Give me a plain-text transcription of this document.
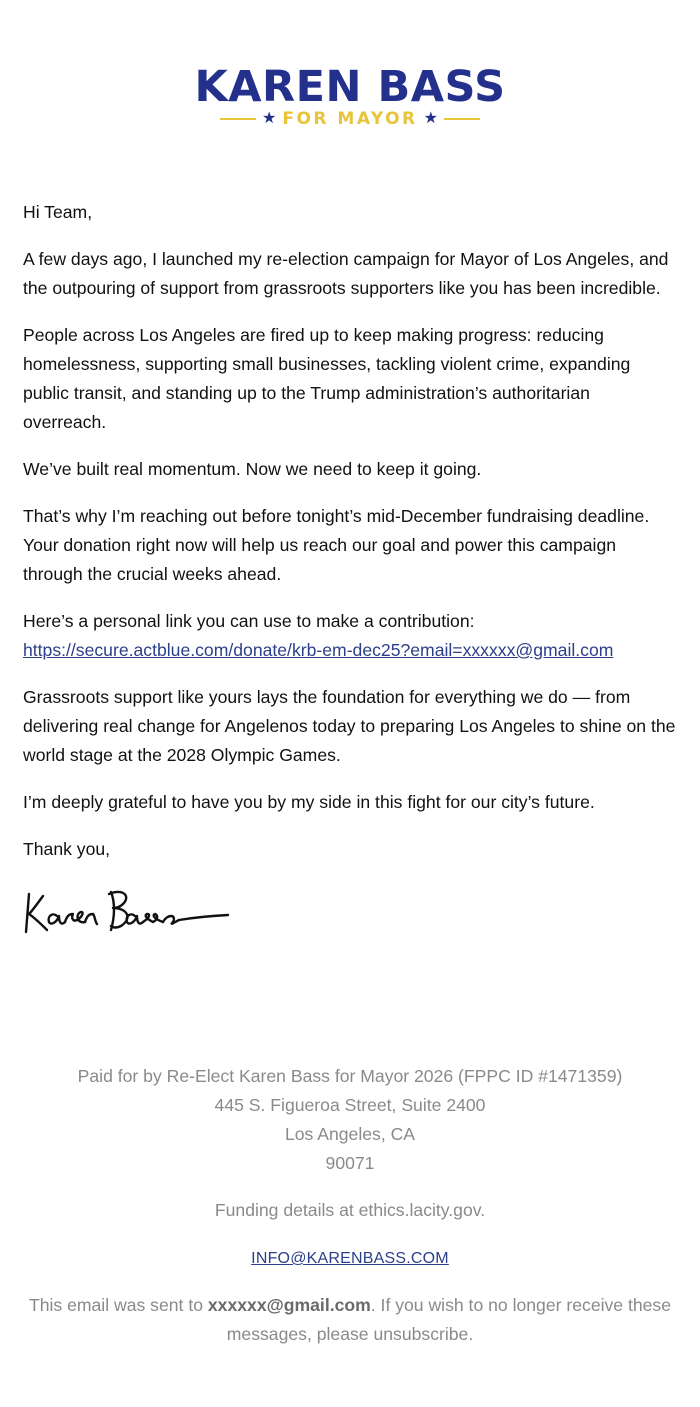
KAREN BASS
★ FOR MAYOR ★

Hi Team,

A few days ago, I launched my re-election campaign for Mayor of Los Angeles, and the outpouring of support from grassroots supporters like you has been incredible.

People across Los Angeles are fired up to keep making progress: reducing homelessness, supporting small businesses, tackling violent crime, expanding public transit, and standing up to the Trump administration’s authoritarian overreach.

We’ve built real momentum. Now we need to keep it going.

That’s why I’m reaching out before tonight’s mid-December fundraising deadline. Your donation right now will help us reach our goal and power this campaign through the crucial weeks ahead.

Here’s a personal link you can use to make a contribution:
https://secure.actblue.com/donate/krb-em-dec25?email=xxxxxx@gmail.com

Grassroots support like yours lays the foundation for everything we do — from delivering real change for Angelenos today to preparing Los Angeles to shine on the world stage at the 2028 Olympic Games.

I’m deeply grateful to have you by my side in this fight for our city’s future.

Thank you,

Paid for by Re-Elect Karen Bass for Mayor 2026 (FPPC ID #1471359)

445 S. Figueroa Street, Suite 2400

Los Angeles, CA

90071

Funding details at ethics.lacity.gov.

INFO@KARENBASS.COM

This email was sent to xxxxxx@gmail.com. If you wish to no longer receive these messages, please unsubscribe.
